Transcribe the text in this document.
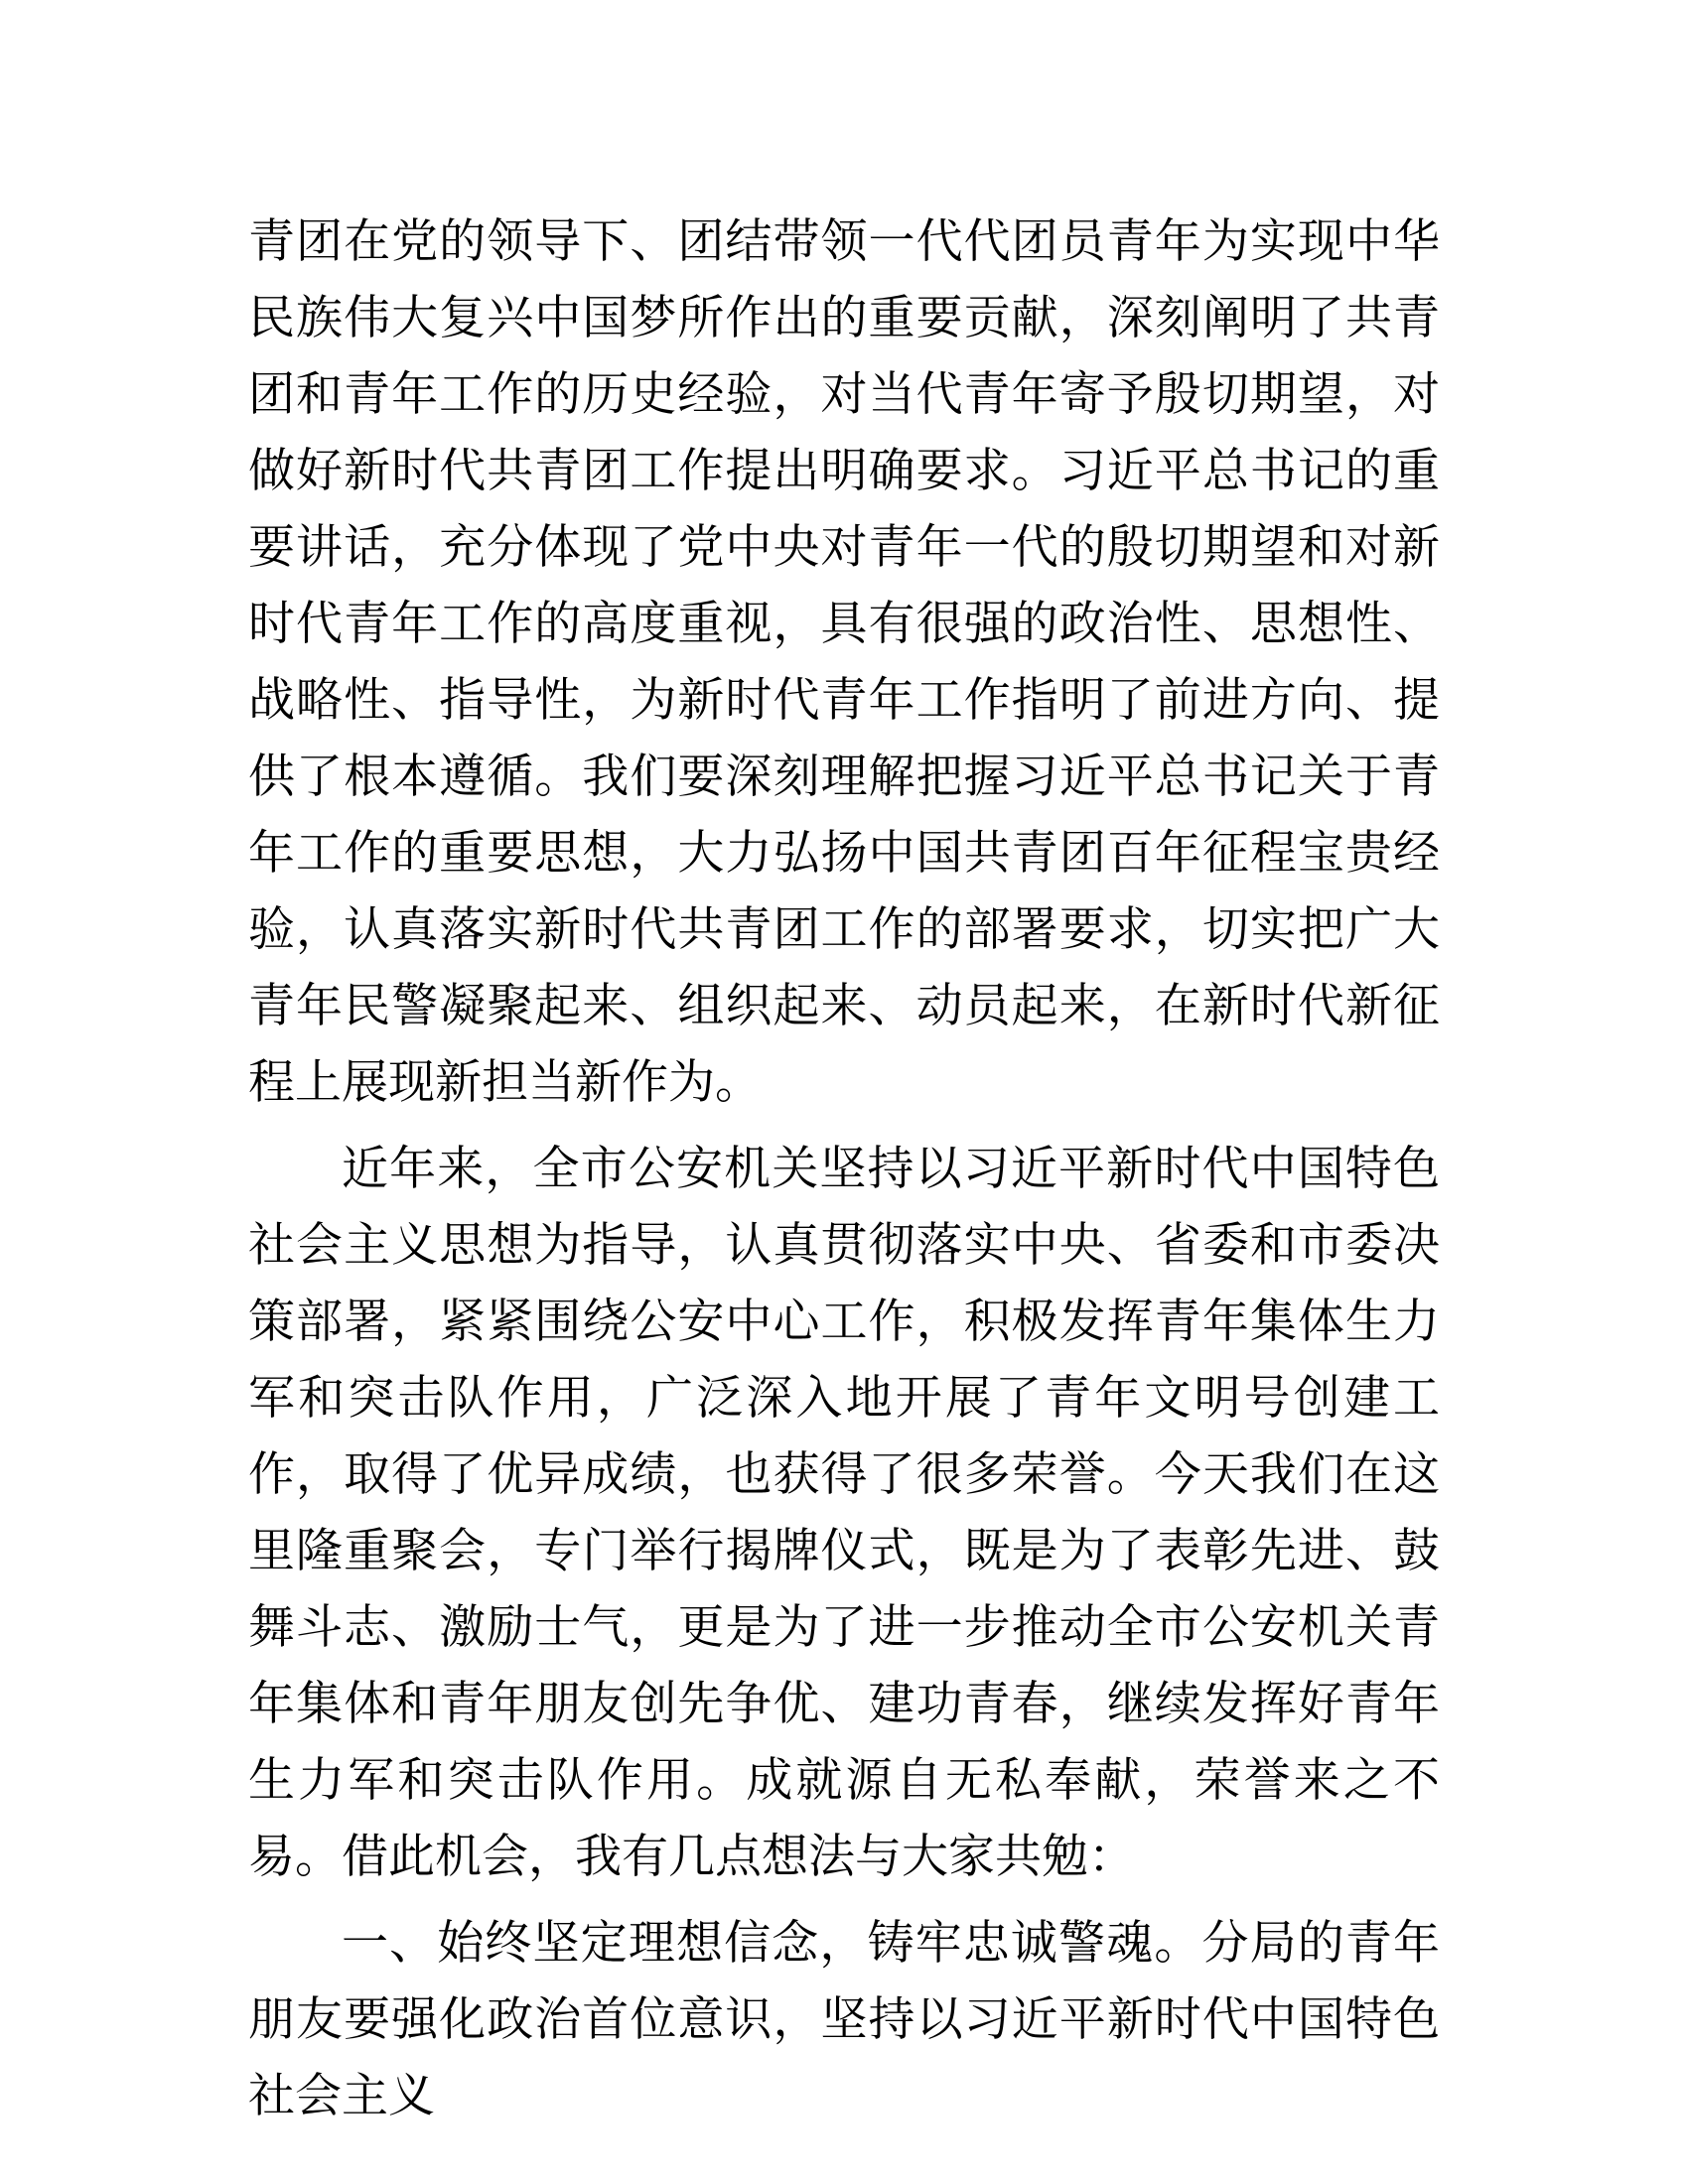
青团在党的领导下、团结带领一代代团员青年为实现中华民族伟大复兴中国梦所作出的重要贡献，深刻阐明了共青团和青年工作的历史经验，对当代青年寄予殷切期望，对做好新时代共青团工作提出明确要求。习近平总书记的重要讲话，充分体现了党中央对青年一代的殷切期望和对新时代青年工作的高度重视，具有很强的政治性、思想性、战略性、指导性，为新时代青年工作指明了前进方向、提供了根本遵循。我们要深刻理解把握习近平总书记关于青年工作的重要思想，大力弘扬中国共青团百年征程宝贵经验，认真落实新时代共青团工作的部署要求，切实把广大青年民警凝聚起来、组织起来、动员起来，在新时代新征程上展现新担当新作为。

近年来，全市公安机关坚持以习近平新时代中国特色社会主义思想为指导，认真贯彻落实中央、省委和市委决策部署，紧紧围绕公安中心工作，积极发挥青年集体生力军和突击队作用，广泛深入地开展了青年文明号创建工作，取得了优异成绩，也获得了很多荣誉。今天我们在这里隆重聚会，专门举行揭牌仪式，既是为了表彰先进、鼓舞斗志、激励士气，更是为了进一步推动全市公安机关青年集体和青年朋友创先争优、建功青春，继续发挥好青年生力军和突击队作用。成就源自无私奉献，荣誉来之不易。借此机会，我有几点想法与大家共勉：

一、始终坚定理想信念，铸牢忠诚警魂。分局的青年朋友要强化政治首位意识，坚持以习近平新时代中国特色社会主义
